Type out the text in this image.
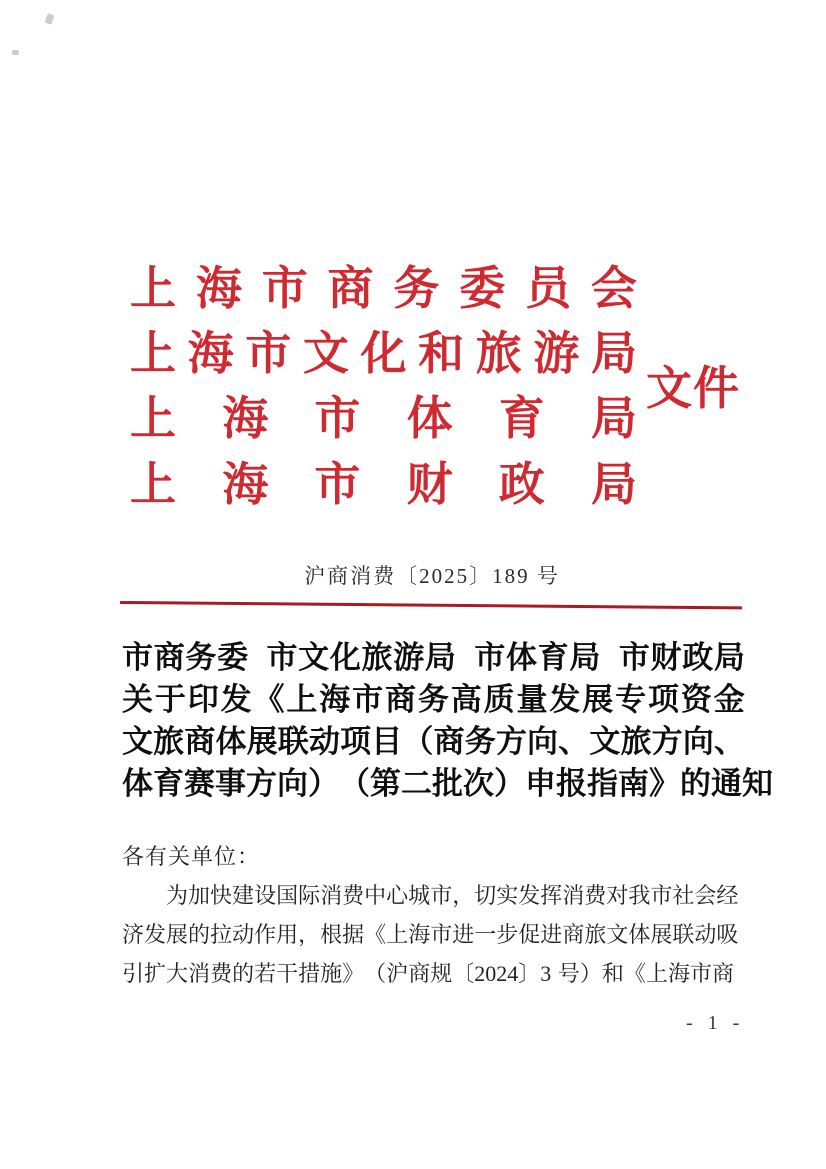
上 海 市 商 务 委 员 会
上 海 市 文 化 和 旅 游 局
上 海 市 体 育 局
上 海 市 财 政 局
文件
沪商消费〔2025〕189 号
市 商 务 委 市 文 化 旅 游 局 市 体 育 局 市 财 政 局
关 于 印 发 《 上 海 市 商 务 高 质 量 发 展 专 项 资 金
文 旅 商 体 展 联 动 项 目 （ 商 务 方 向 、 文 旅 方 向 、
体 育 赛 事 方 向 ） （ 第 二 批 次 ） 申 报 指 南 》 的 通 知
各有关单位：
为 加 快 建 设 国 际 消 费 中 心 城 市 ， 切 实 发 挥 消 费 对 我 市 社 会 经
济 发 展 的 拉 动 作 用 ， 根 据 《 上 海 市 进 一 步 促 进 商 旅 文 体 展 联 动 吸
引 扩 大 消 费 的 若 干 措 施 》 （ 沪 商 规 〔 2024 〕 3 号 ） 和 《 上 海 市 商
- 1 -
